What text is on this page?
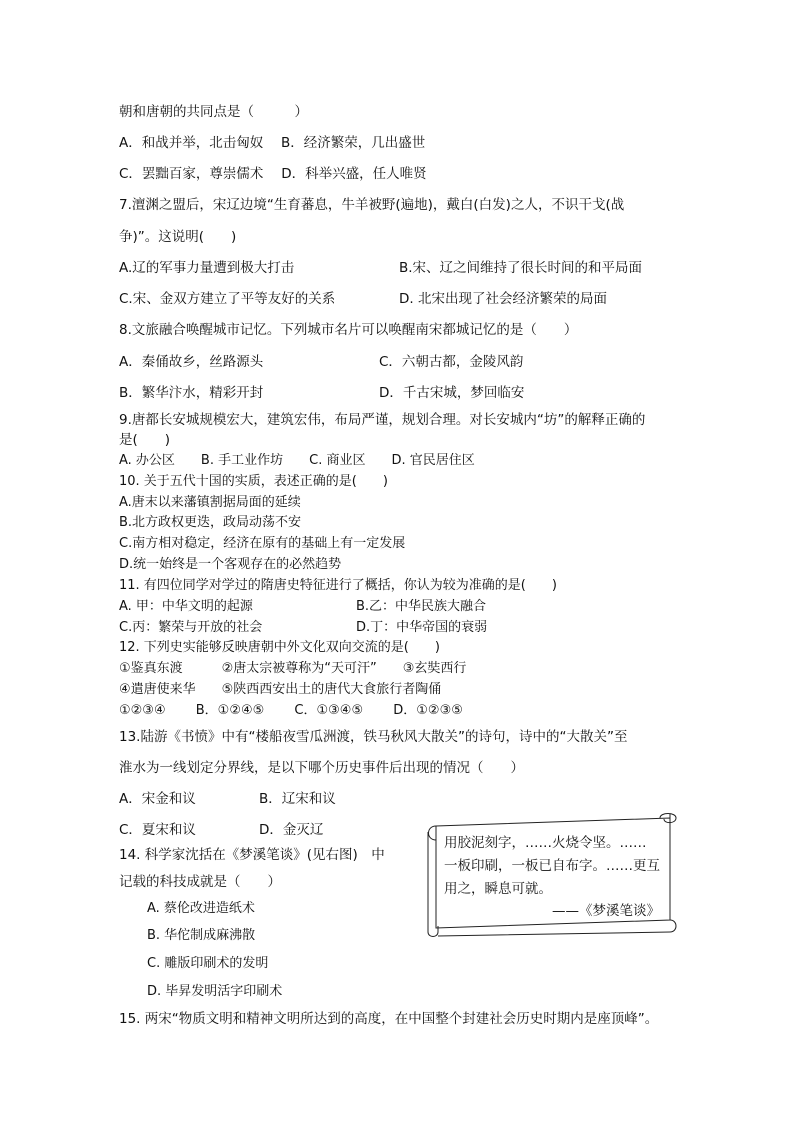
朝和唐朝的共同点是（　　　）
A．和战并举，北击匈奴　 B．经济繁荣，几出盛世
C．罢黜百家，尊崇儒术　 D．科举兴盛，任人唯贤
7.澶渊之盟后，宋辽边境“生育蕃息，牛羊被野(遍地)，戴白(白发)之人，不识干戈(战
争)”。这说明(　　)
A.辽的军事力量遭到极大打击	B.宋、辽之间维持了很长时间的和平局面
C.宋、金双方建立了平等友好的关系	D. 北宋出现了社会经济繁荣的局面
8.文旅融合唤醒城市记忆。下列城市名片可以唤醒南宋都城记忆的是（　　）
A．秦俑故乡，丝路源头	C．六朝古都，金陵风韵
B．繁华汴水，精彩开封	D．千古宋城，梦回临安
9.唐都长安城规模宏大，建筑宏伟，布局严谨，规划合理。对长安城内“坊”的解释正确的
是(　　)
A. 办公区　　B. 手工业作坊　　C. 商业区　　D. 官民居住区
10. 关于五代十国的实质，表述正确的是(　　)
A.唐末以来藩镇割据局面的延续
B.北方政权更迭，政局动荡不安
C.南方相对稳定，经济在原有的基础上有一定发展
D.统一始终是一个客观存在的必然趋势
11. 有四位同学对学过的隋唐史特征进行了概括，你认为较为准确的是(　　)
A. 甲：中华文明的起源	B.乙：中华民族大融合
C.丙：繁荣与开放的社会	D.丁：中华帝国的衰弱
12. 下列史实能够反映唐朝中外文化双向交流的是(　　)
①鉴真东渡　　　②唐太宗被尊称为“天可汗”　　③玄奘西行
④遣唐使来华　　⑤陕西西安出土的唐代大食旅行者陶俑
①②③④　　 B．①②④⑤　　 C．①③④⑤　　 D．①②③⑤
13.陆游《书愤》中有“楼船夜雪瓜洲渡，铁马秋风大散关”的诗句，诗中的“大散关”至
淮水为一线划定分界线，是以下哪个历史事件后出现的情况（　　）
A．宋金和议	B．辽宋和议
C．夏宋和议	D．金灭辽
14. 科学家沈括在《梦溪笔谈》(见右图)　中
记载的科技成就是（　　）
A. 蔡伦改进造纸术
B. 华佗制成麻沸散
C. 雕版印刷术的发明
D. 毕昇发明活字印刷术
15. 两宋“物质文明和精神文明所达到的高度，在中国整个封建社会历史时期内是座顶峰”。
用胶泥刻字，……火烧令坚。……
一板印刷，一板已自布字。……更互
用之，瞬息可就。
——《梦溪笔谈》
